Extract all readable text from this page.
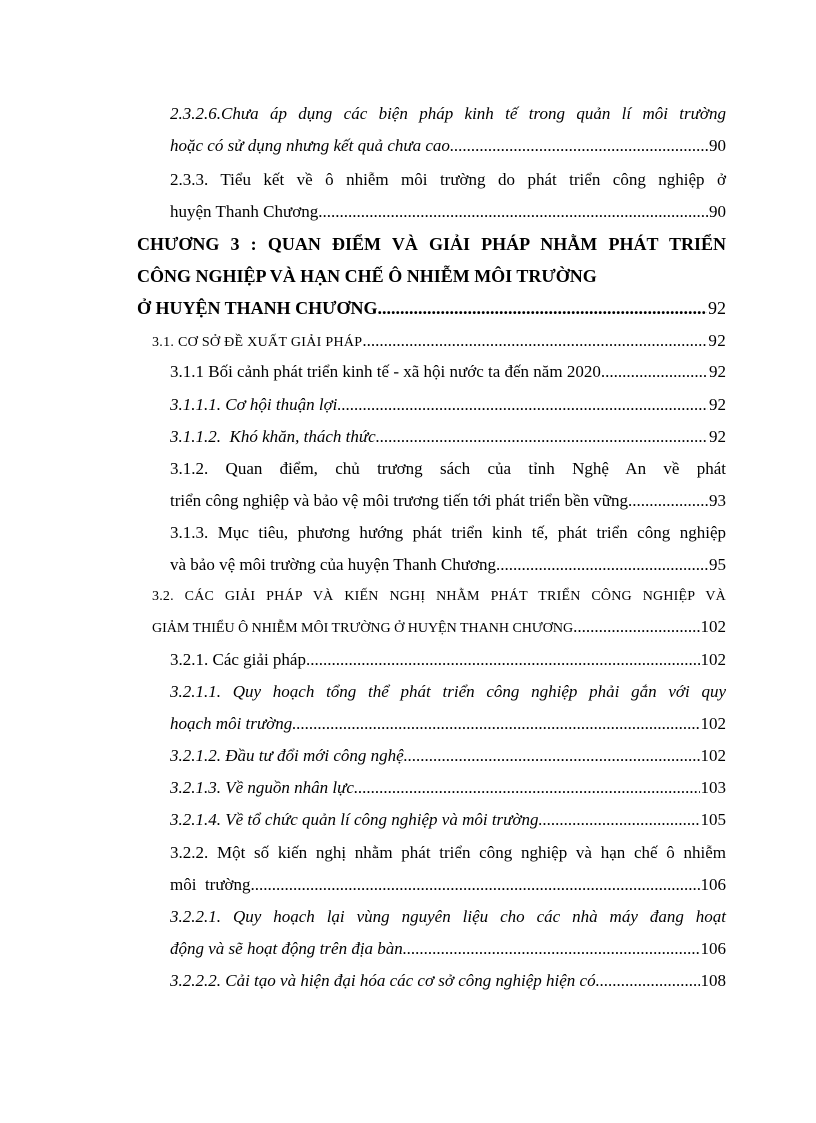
2.3.2.6.Chưa áp dụng các biện pháp kinh tế trong quản lí môi trường
hoặc có sử dụng nhưng kết quả chưa cao .....	90
2.3.3. Tiểu kết về ô nhiễm môi trường do phát triển công nghiệp ở
huyện Thanh Chương .....	90
CHƯƠNG 3 : QUAN ĐIỂM VÀ GIẢI PHÁP NHẰM PHÁT TRIỂN
CÔNG NGHIỆP VÀ HẠN CHẾ Ô NHIỄM MÔI TRƯỜNG
Ở HUYỆN THANH CHƯƠNG .....	92
3.1. CƠ SỞ ĐỀ XUẤT GIẢI PHÁP .....	92
3.1.1 Bối cảnh phát triển kinh tế - xã hội nước ta đến năm 2020 .....	92
3.1.1.1. Cơ hội thuận lợi .....	92
3.1.1.2.  Khó khăn, thách thức .....	92
3.1.2. Quan điểm, chủ trương sách của tỉnh Nghệ An về phát
triển công nghiệp và bảo vệ môi trương tiến tới phát triển bền vững. .....	93
3.1.3. Mục tiêu, phương hướng phát triển kinh tế, phát triển công nghiệp
và bảo vệ môi trường của huyện Thanh Chương. .....	95
3.2. CÁC GIẢI PHÁP VÀ KIẾN NGHỊ NHẰM PHÁT TRIỂN CÔNG NGHIỆP VÀ
GIẢM THIỂU Ô NHIỄM MÔI TRƯỜNG Ở HUYỆN THANH CHƯƠNG .....	102
3.2.1. Các giải pháp .....	102
3.2.1.1. Quy hoạch tổng thể phát triển công nghiệp phải gắn với quy
hoạch môi trường .....	102
3.2.1.2. Đầu tư đổi mới công nghệ .....	102
3.2.1.3. Về nguồn nhân lực .....	103
3.2.1.4. Về tổ chức quản lí công nghiệp và môi trường .....	105
3.2.2. Một số kiến nghị nhằm phát triển công nghiệp và hạn chế ô nhiễm
môi  trường .....	106
3.2.2.1. Quy hoạch lại vùng nguyên liệu cho các nhà máy đang hoạt
động và sẽ hoạt động trên địa bàn .....	106
3.2.2.2. Cải tạo và hiện đại hóa các cơ sở công nghiệp hiện có .....	108
